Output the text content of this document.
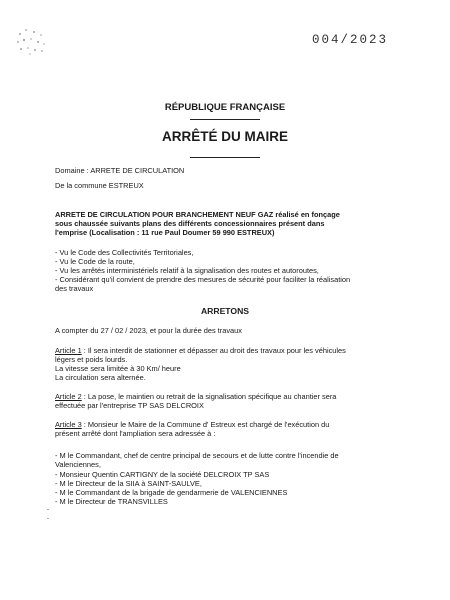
004/2023
RÉPUBLIQUE FRANÇAISE
ARRÊTÉ DU MAIRE
Domaine : ARRETE DE CIRCULATION
De la commune ESTREUX
ARRETE DE CIRCULATION POUR BRANCHEMENT NEUF GAZ réalisé en fonçage
sous chaussée suivants plans des différents concessionnaires présent dans
l'emprise (Localisation : 11 rue Paul Doumer 59 990 ESTREUX)
- Vu le Code des Collectivités Territoriales,
- Vu le Code de la route,
- Vu les arrêtés interministériels relatif à la signalisation des routes et autoroutes,
- Considérant qu'il convient de prendre des mesures de sécurité pour faciliter la réalisation
des travaux
ARRETONS
A compter du 27 / 02 / 2023, et pour la durée des travaux
Article 1 : Il sera interdit de stationner et dépasser au droit des travaux pour les véhicules
légers et poids lourds.
La vitesse sera limitée à 30 Km/ heure
La circulation sera alternée.
Article 2 : La pose, le maintien ou retrait de la signalisation spécifique au chantier sera
effectuée par l'entreprise TP SAS DELCROIX
Article 3 : Monsieur le Maire de la Commune d' Estreux est chargé de l'exécution du
présent arrêté dont l'ampliation sera adressée à :
- M le Commandant, chef de centre principal de secours et de lutte contre l'incendie de
Valenciennes,
- Monsieur Quentin CARTIGNY de la société DELCROIX TP SAS
- M le Directeur de la SIIA à SAINT-SAULVE,
- M le Commandant de la brigade de gendarmerie de VALENCIENNES
- M le Directeur de TRANSVILLES
ˇ
ˇ
